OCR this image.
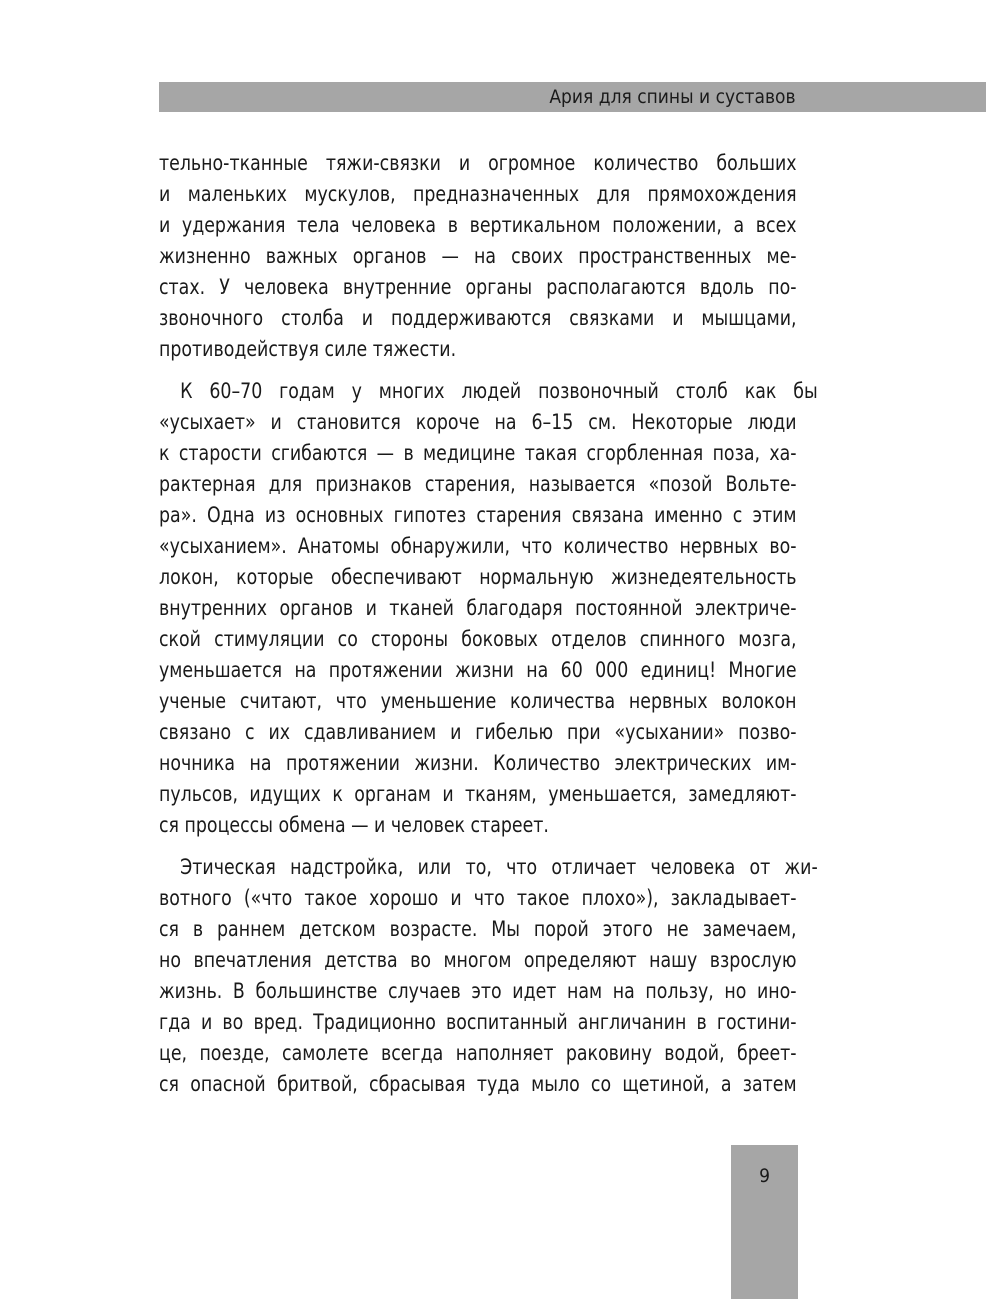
Ария для спины и суставов
тельно-тканные тяжи-связки и огромное количество больших
и маленьких мускулов, предназначенных для прямохождения
и удержания тела человека в вертикальном положении, а всех
жизненно важных органов — на своих пространственных ме-
стах. У человека внутренние органы располагаются вдоль по-
звоночного столба и поддерживаются связками и мышцами,
противодействуя силе тяжести.
К 60–70 годам у многих людей позвоночный столб как бы
«усыхает» и становится короче на 6–15 см. Некоторые люди
к старости сгибаются — в медицине такая сгорбленная поза, ха-
рактерная для признаков старения, называется «позой Вольте-
ра». Одна из основных гипотез старения связана именно с этим
«усыханием». Анатомы обнаружили, что количество нервных во-
локон, которые обеспечивают нормальную жизнедеятельность
внутренних органов и тканей благодаря постоянной электриче-
ской стимуляции со стороны боковых отделов спинного мозга,
уменьшается на протяжении жизни на 60 000 единиц! Многие
ученые считают, что уменьшение количества нервных волокон
связано с их сдавливанием и гибелью при «усыхании» позво-
ночника на протяжении жизни. Количество электрических им-
пульсов, идущих к органам и тканям, уменьшается, замедляют-
ся процессы обмена — и человек стареет.
Этическая надстройка, или то, что отличает человека от жи-
вотного («что такое хорошо и что такое плохо»), закладывает-
ся в раннем детском возрасте. Мы порой этого не замечаем,
но впечатления детства во многом определяют нашу взрослую
жизнь. В большинстве случаев это идет нам на пользу, но ино-
гда и во вред. Традиционно воспитанный англичанин в гостини-
це, поезде, самолете всегда наполняет раковину водой, бреет-
ся опасной бритвой, сбрасывая туда мыло со щетиной, а затем
9
